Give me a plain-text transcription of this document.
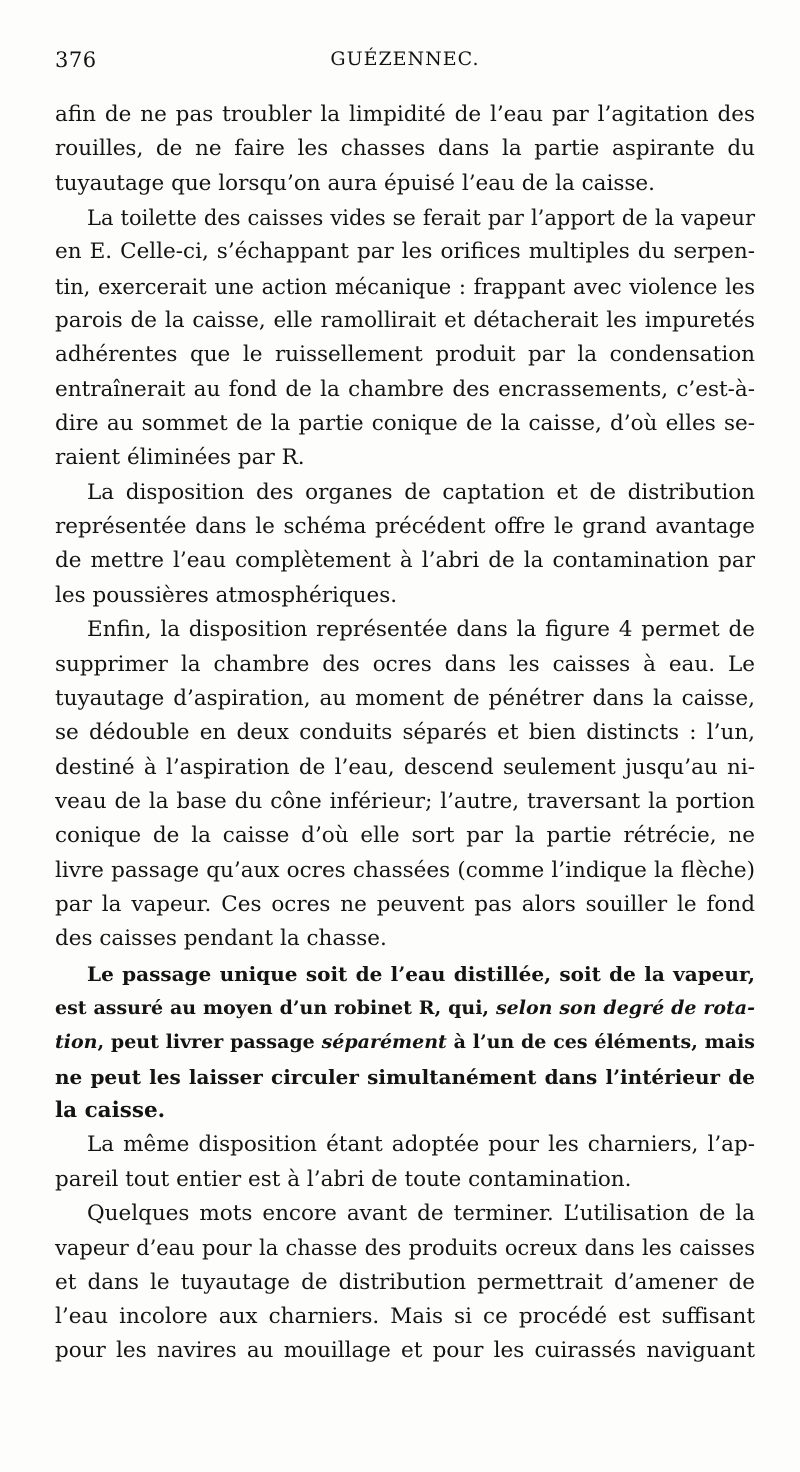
376	GUÉZENNEC.
afin de ne pas troubler la limpidité de l’eau par l’agitation des
rouilles, de ne faire les chasses dans la partie aspirante du
tuyautage que lorsqu’on aura épuisé l’eau de la caisse.
La toilette des caisses vides se ferait par l’apport de la vapeur
en E. Celle-ci, s’échappant par les orifices multiples du serpen-
tin, exercerait une action mécanique : frappant avec violence les
parois de la caisse, elle ramollirait et détacherait les impuretés
adhérentes que le ruissellement produit par la condensation
entraînerait au fond de la chambre des encrassements, c’est-à-
dire au sommet de la partie conique de la caisse, d’où elles se-
raient éliminées par R.
La disposition des organes de captation et de distribution
représentée dans le schéma précédent offre le grand avantage
de mettre l’eau complètement à l’abri de la contamination par
les poussières atmosphériques.
Enfin, la disposition représentée dans la figure 4 permet de
supprimer la chambre des ocres dans les caisses à eau. Le
tuyautage d’aspiration, au moment de pénétrer dans la caisse,
se dédouble en deux conduits séparés et bien distincts : l’un,
destiné à l’aspiration de l’eau, descend seulement jusqu’au ni-
veau de la base du cône inférieur; l’autre, traversant la portion
conique de la caisse d’où elle sort par la partie rétrécie, ne
livre passage qu’aux ocres chassées (comme l’indique la flèche)
par la vapeur. Ces ocres ne peuvent pas alors souiller le fond
des caisses pendant la chasse.
Le passage unique soit de l’eau distillée, soit de la vapeur,
est assuré au moyen d’un robinet R, qui, selon son degré de rota-
tion, peut livrer passage séparément à l’un de ces éléments, mais
ne peut les laisser circuler simultanément dans l’intérieur de
la caisse.
La même disposition étant adoptée pour les charniers, l’ap-
pareil tout entier est à l’abri de toute contamination.
Quelques mots encore avant de terminer. L’utilisation de la
vapeur d’eau pour la chasse des produits ocreux dans les caisses
et dans le tuyautage de distribution permettrait d’amener de
l’eau incolore aux charniers. Mais si ce procédé est suffisant
pour les navires au mouillage et pour les cuirassés naviguant
